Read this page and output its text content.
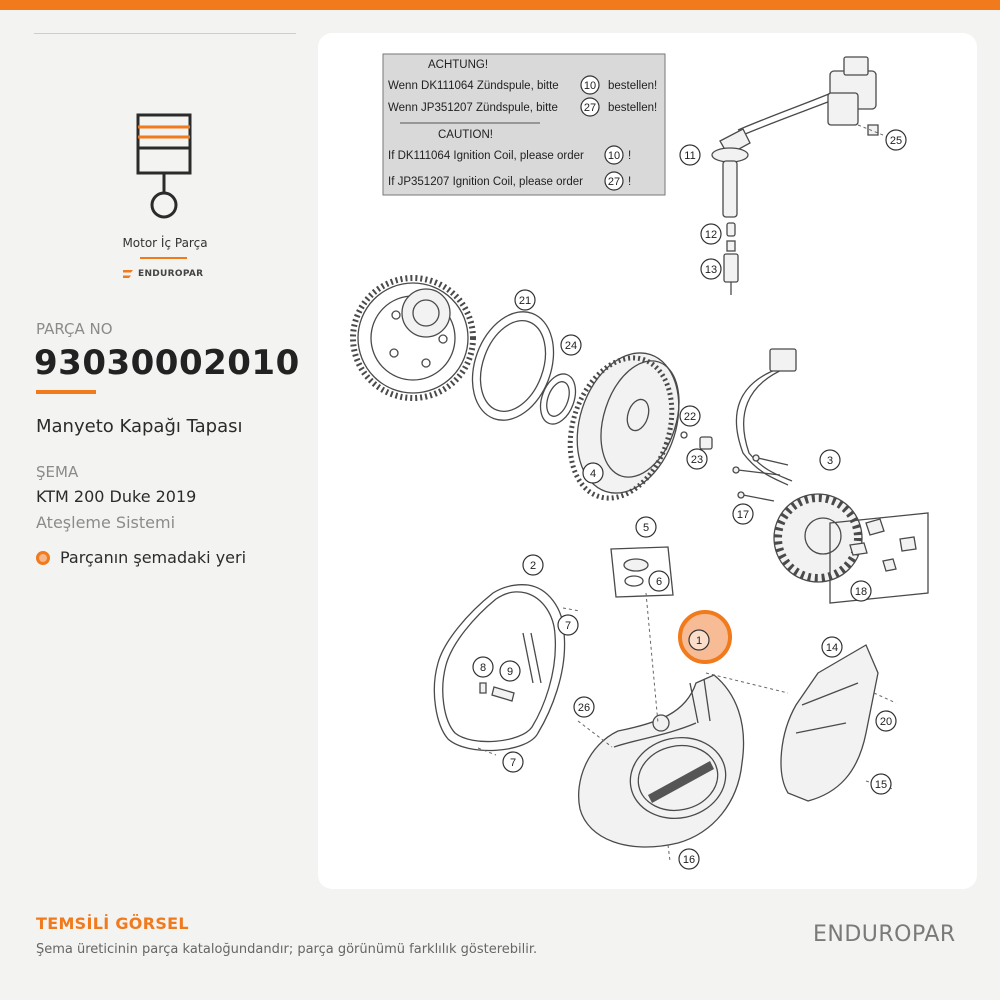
Motor İç Parça
ENDUROPAR
PARÇA NO
93030002010
Manyeto Kapağı Tapası
ŞEMA
KTM 200 Duke 2019
Ateşleme Sistemi
Parçanın şemadaki yeri
ACHTUNG!
Wenn DK111064 Zündspule, bitte 10 bestellen!
Wenn JP351207 Zündspule, bitte 27 bestellen!
CAUTION!
If DK111064 Ignition Coil, please order 10 !
If JP351207 Ignition Coil, please order 27 !
1
2
3
4
5
6
7
7
8 9
11
12
13
14
15
16
17
18
20
21
22
23
24
25
26
TEMSİLİ GÖRSEL
Şema üreticinin parça kataloğundandır; parça görünümü farklılık gösterebilir.
ENDUROPAR
